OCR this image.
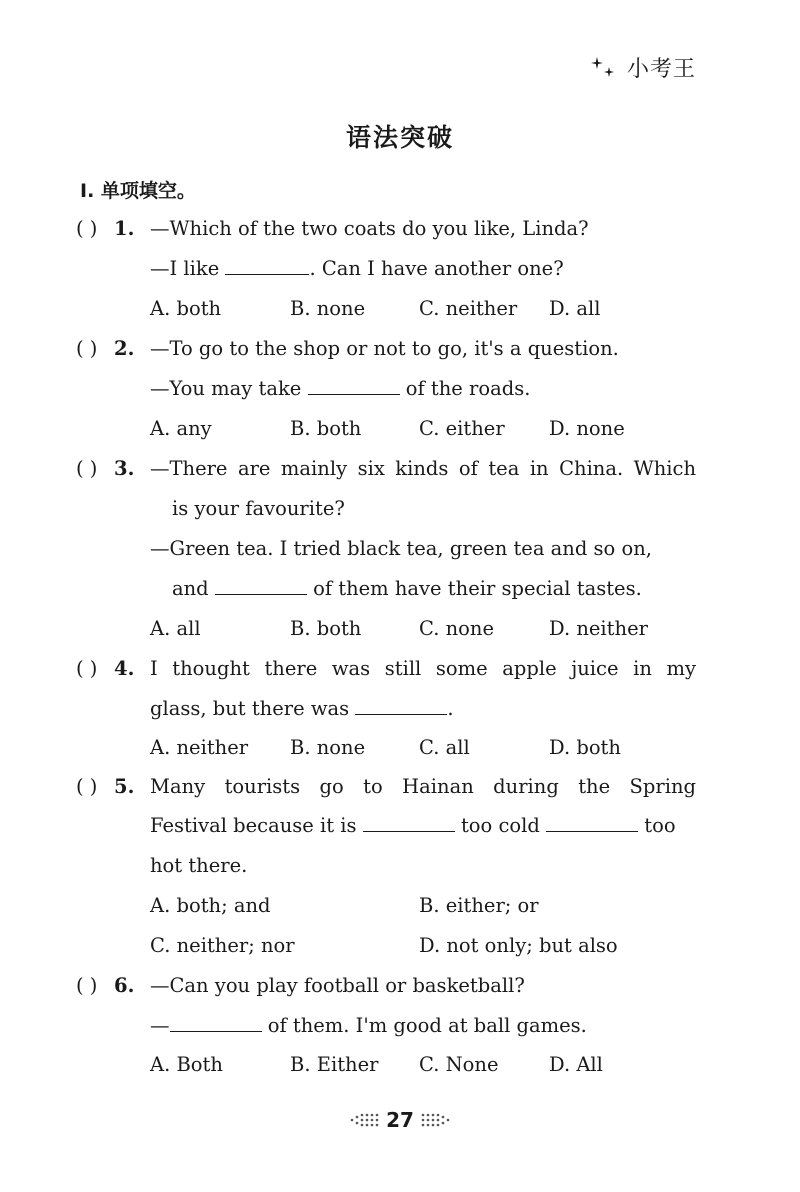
小考王
语法突破
Ⅰ. 单项填空。
( ) 1. —Which of the two coats do you like, Linda?
—I like	. Can I have another one?
A. both	B. none	C. neither D. all
( ) 2. —To go to the shop or not to go, it's a question.
—You may take	of the roads.
A. any	B. both	C. either D. none
( ) 3. —There are mainly six kinds of tea in China. Which
is your favourite?
—Green tea. I tried black tea, green tea and so on,
and	of them have their special tastes.
A. all	B. both	C. none	D. neither
( ) 4. I thought there was still some apple juice in my
glass, but there was	.
A. neither B. none	C. all	D. both
( ) 5. Many tourists go to Hainan during the Spring
Festival because it is	too cold	too
hot there.
A. both; and	B. either; or
C. neither; nor	D. not only; but also
( ) 6. —Can you play football or basketball?
—	of them. I'm good at ball games.
A. Both	B. Either C. None	D. All
27
